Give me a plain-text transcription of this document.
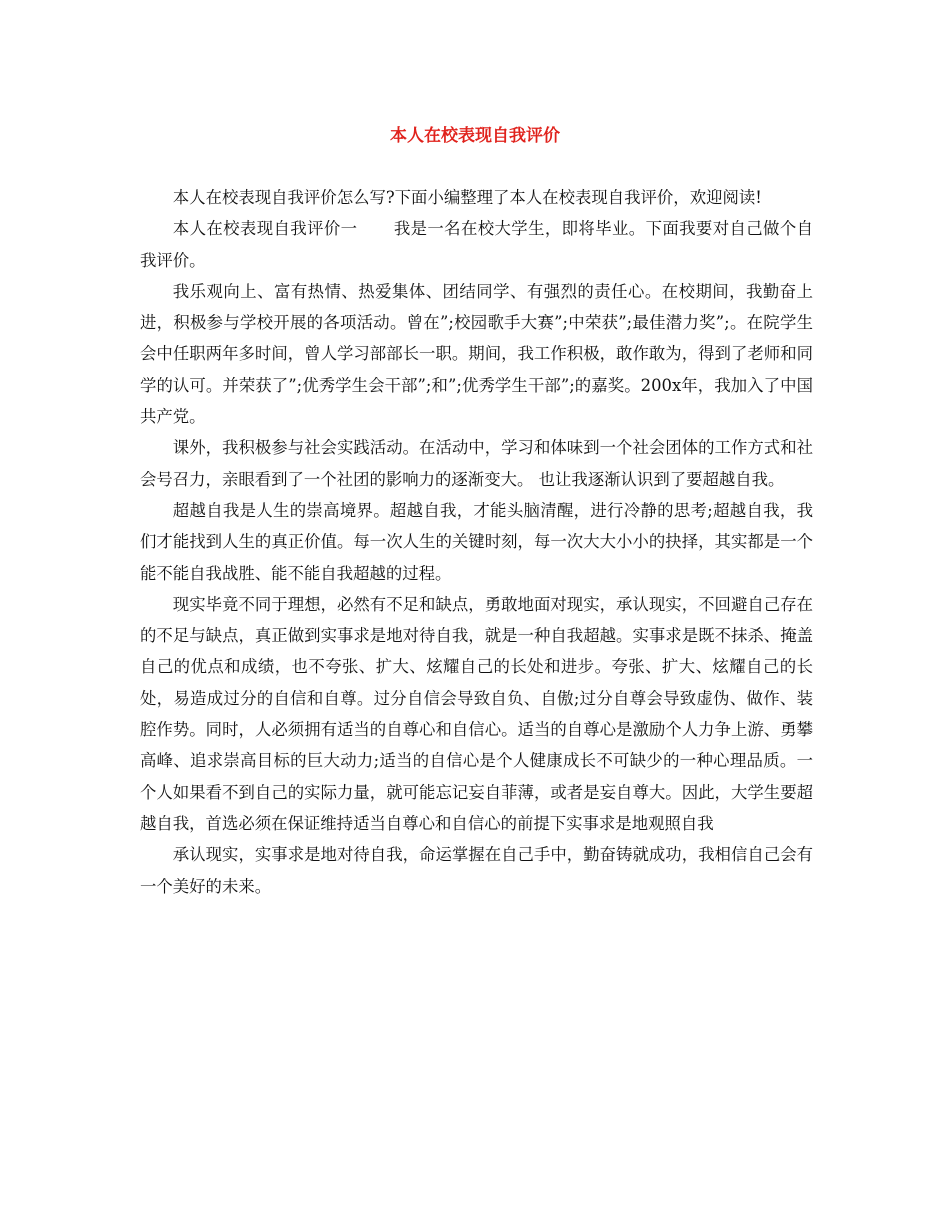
本人在校表现自我评价

本人在校表现自我评价怎么写?下面小编整理了本人在校表现自我评价，欢迎阅读!

本人在校表现自我评价一 我是一名在校大学生，即将毕业。下面我要对自己做个自我评价。

我乐观向上、富有热情、热爱集体、团结同学、有强烈的责任心。在校期间，我勤奋上进，积极参与学校开展的各项活动。曾在”;校园歌手大赛”;中荣获”;最佳潜力奖”;。在院学生会中任职两年多时间，曾人学习部部长一职。期间，我工作积极，敢作敢为，得到了老师和同学的认可。并荣获了”;优秀学生会干部”;和”;优秀学生干部”;的嘉奖。200x年，我加入了中国共产党。

课外，我积极参与社会实践活动。在活动中，学习和体味到一个社会团体的工作方式和社会号召力，亲眼看到了一个社团的影响力的逐渐变大。 也让我逐渐认识到了要超越自我。

超越自我是人生的崇高境界。超越自我，才能头脑清醒，进行冷静的思考;超越自我，我们才能找到人生的真正价值。每一次人生的关键时刻，每一次大大小小的抉择，其实都是一个能不能自我战胜、能不能自我超越的过程。

现实毕竟不同于理想，必然有不足和缺点，勇敢地面对现实，承认现实，不回避自己存在的不足与缺点，真正做到实事求是地对待自我，就是一种自我超越。实事求是既不抹杀、掩盖自己的优点和成绩，也不夸张、扩大、炫耀自己的长处和进步。夸张、扩大、炫耀自己的长处，易造成过分的自信和自尊。过分自信会导致自负、自傲;过分自尊会导致虚伪、做作、装腔作势。同时，人必须拥有适当的自尊心和自信心。适当的自尊心是激励个人力争上游、勇攀高峰、追求崇高目标的巨大动力;适当的自信心是个人健康成长不可缺少的一种心理品质。一个人如果看不到自己的实际力量，就可能忘记妄自菲薄，或者是妄自尊大。因此，大学生要超越自我，首选必须在保证维持适当自尊心和自信心的前提下实事求是地观照自我

承认现实，实事求是地对待自我，命运掌握在自己手中，勤奋铸就成功，我相信自己会有一个美好的未来。
